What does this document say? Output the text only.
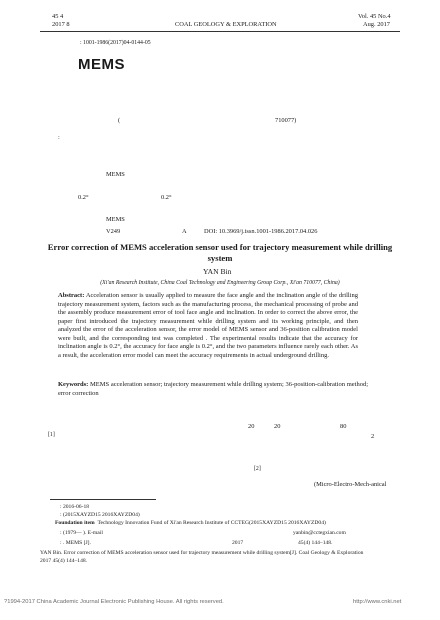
45 4
2017 8	COAL GEOLOGY & EXPLORATION
Vol. 45 No.4
Aug. 2017
: 1001-1986(2017)04-0144-05
MEMS
(	710077)
:
MEMS
0.2°	0.2°
MEMS
V249	A	DOI: 10.3969/j.issn.1001-1986.2017.04.026
Error correction of MEMS acceleration sensor used for trajectory measurement while drilling system
YAN Bin
(Xi'an Research Institute, China Coal Technology and Engineering Group Corp., Xi'an 710077, China)
Abstract: Acceleration sensor is usually applied to measure the face angle and the inclination angle of the drilling trajectory measurement system, factors such as the manufacturing process, the mechanical processing of probe and the assembly produce measurement error of tool face angle and inclination. In order to correct the above error, the paper first introduced the trajectory measurement while drilling system and its working principle, and then analyzed the error of the acceleration sensor, the error model of MEMS sensor and 36-position calibration model were built, and the corresponding test was completed . The experimental results indicate that the accuracy for inclination angle is 0.2°, the accuracy for face angle is 0.2°, and the two parameters influence rarely each other. As a result, the acceleration error model can meet the accuracy requirements in actual underground drilling.
Keywords: MEMS acceleration sensor; trajectory measurement while drilling system; 36-position-calibration method; error correction
[1]
20	20	80
2
[2]
(Micro-Electro-Mech-anical
: 2016-06-18
: (2015XAYZD15 2016XAYZD04)
Foundation item Technology Innovation Fund of Xi'an Research Institute of CCTEG(2015XAYZD15 2016XAYZD04)
: (1979— ). E-mail	yanbin@cctegxian.com
: . MEMS [J].	2017	45(4) 144–148.
YAN Bin. Error correction of MEMS acceleration sensor used for trajectory measurement while drilling system[J]. Coal Geology & Exploration
2017 45(4) 144–148.
?1994-2017 China Academic Journal Electronic Publishing House. All rights reserved.	http://www.cnki.net
